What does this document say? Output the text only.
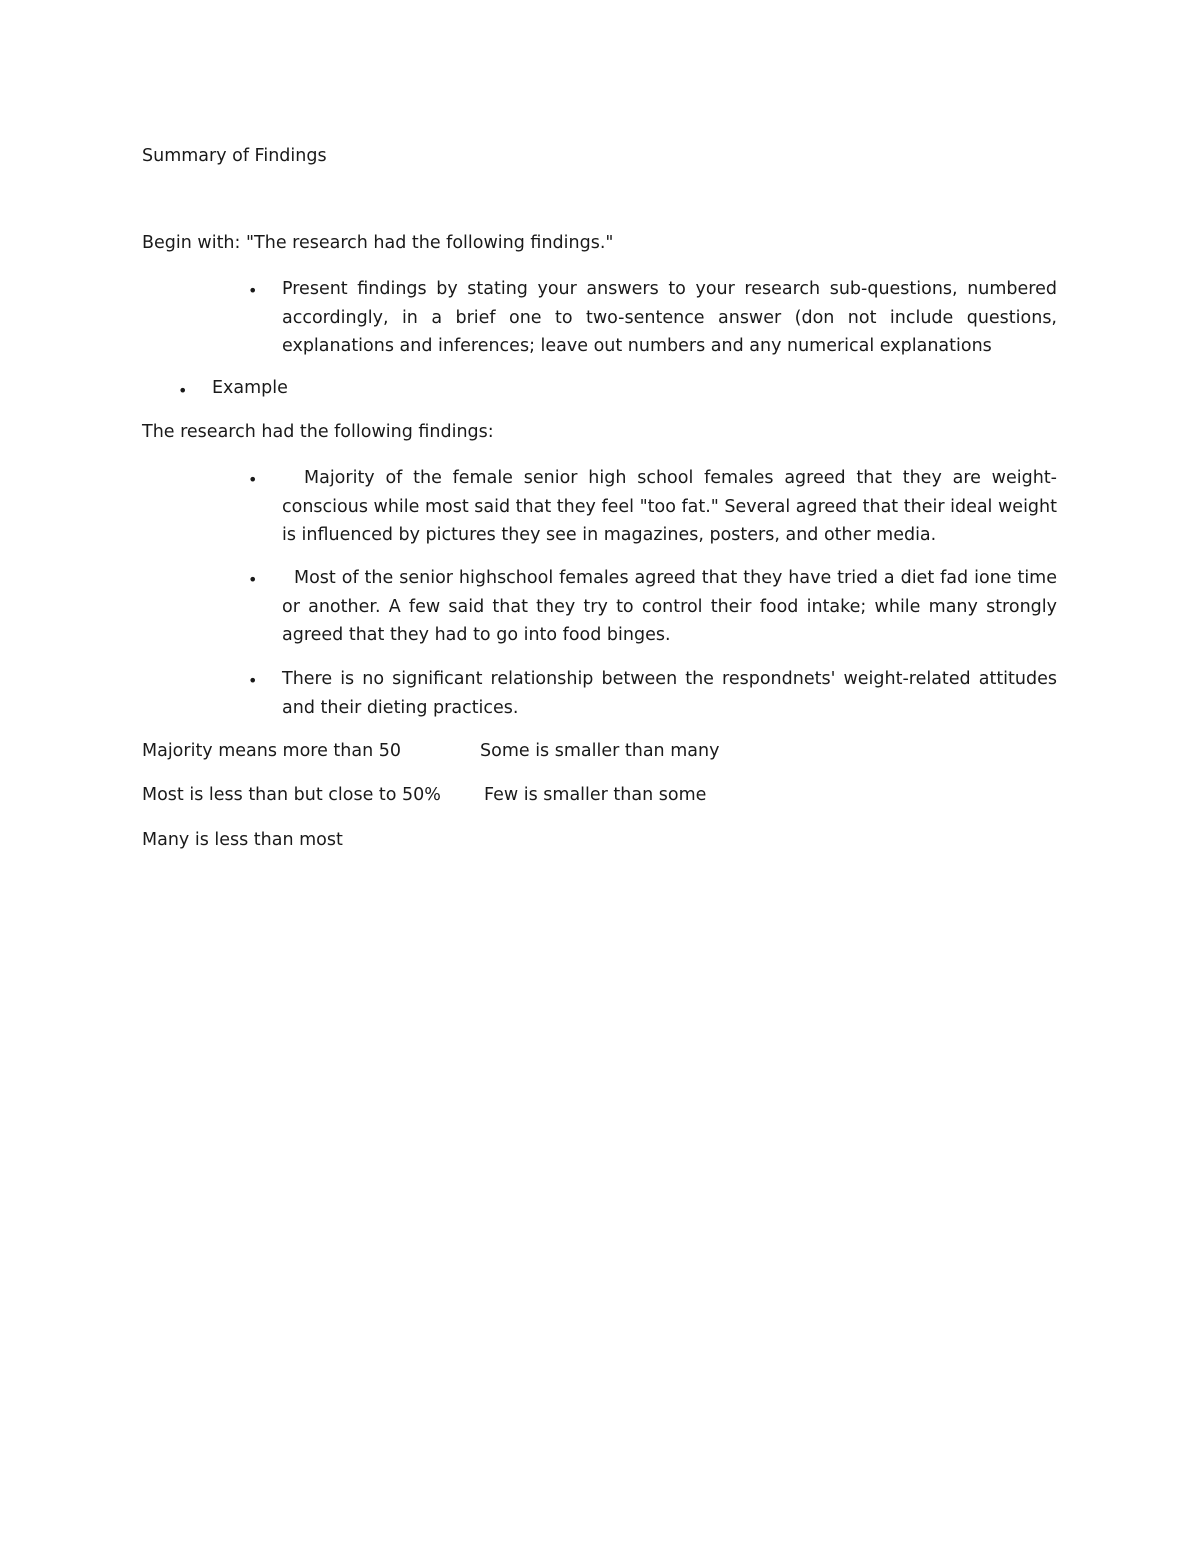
Summary of Findings
Begin with: "The research had the following findings."
• Present findings by stating your answers to your research sub-questions, numbered accordingly, in a brief one to two-sentence answer (don not include questions, explanations and inferences; leave out numbers and any numerical explanations
• Example
The research had the following findings:
•	Majority of the female senior high school females agreed that they are weight-conscious while most said that they feel "too fat." Several agreed that their ideal weight is influenced by pictures they see in magazines, posters, and other media.
•	Most of the senior highschool females agreed that they have tried a diet fad ione time or another. A few said that they try to control their food intake; while many strongly agreed that they had to go into food binges.
• There is no significant relationship between the respondnets' weight-related attitudes and their dieting practices.
Majority means more than 50	Some is smaller than many
Most is less than but close to 50% Few is smaller than some
Many is less than most
